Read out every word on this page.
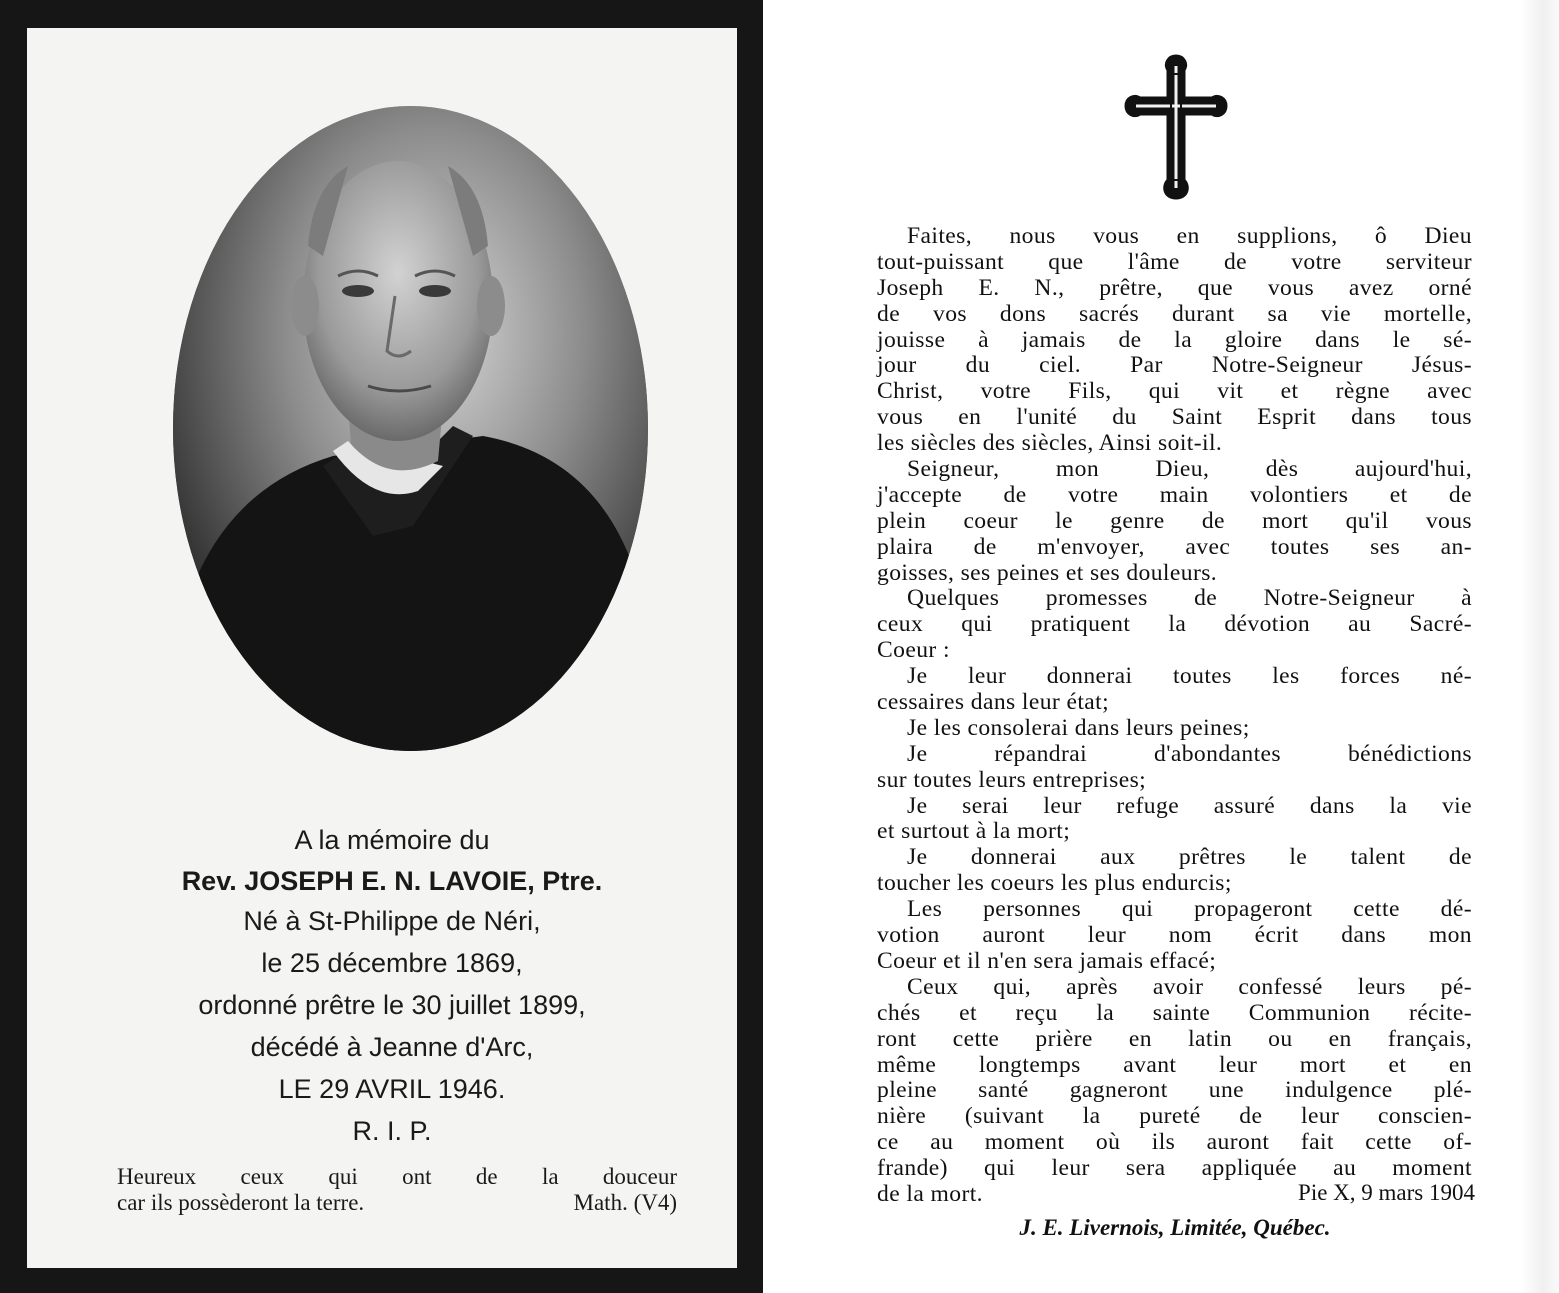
A la mémoire du
Rev. JOSEPH E. N. LAVOIE, Ptre.
Né à St-Philippe de Néri,
le 25 décembre 1869,
ordonné prêtre le 30 juillet 1899,
décédé à Jeanne d'Arc,
LE 29 AVRIL 1946.
R. I. P.
Heureux ceux qui ont de la douceur
car ils possèderont la terre.	Math. (V4)
Faites, nous vous en supplions, ô Dieu
tout-puissant que l'âme de votre serviteur
Joseph E. N., prêtre, que vous avez orné
de vos dons sacrés durant sa vie mortelle,
jouisse à jamais de la gloire dans le sé-
jour du ciel. Par Notre-Seigneur Jésus-
Christ, votre Fils, qui vit et règne avec
vous en l'unité du Saint Esprit dans tous
les siècles des siècles, Ainsi soit-il.
Seigneur, mon Dieu, dès aujourd'hui,
j'accepte de votre main volontiers et de
plein coeur le genre de mort qu'il vous
plaira de m'envoyer, avec toutes ses an-
goisses, ses peines et ses douleurs.
Quelques promesses de Notre-Seigneur à
ceux qui pratiquent la dévotion au Sacré-
Coeur :
Je leur donnerai toutes les forces né-
cessaires dans leur état;
Je les consolerai dans leurs peines;
Je répandrai d'abondantes bénédictions
sur toutes leurs entreprises;
Je serai leur refuge assuré dans la vie
et surtout à la mort;
Je donnerai aux prêtres le talent de
toucher les coeurs les plus endurcis;
Les personnes qui propageront cette dé-
votion auront leur nom écrit dans mon
Coeur et il n'en sera jamais effacé;
Ceux qui, après avoir confessé leurs pé-
chés et reçu la sainte Communion récite-
ront cette prière en latin ou en français,
même longtemps avant leur mort et en
pleine santé gagneront une indulgence plé-
nière (suivant la pureté de leur conscien-
ce au moment où ils auront fait cette of-
frande) qui leur sera appliquée au moment
de la mort.	Pie X, 9 mars 1904
J. E. Livernois, Limitée, Québec.
